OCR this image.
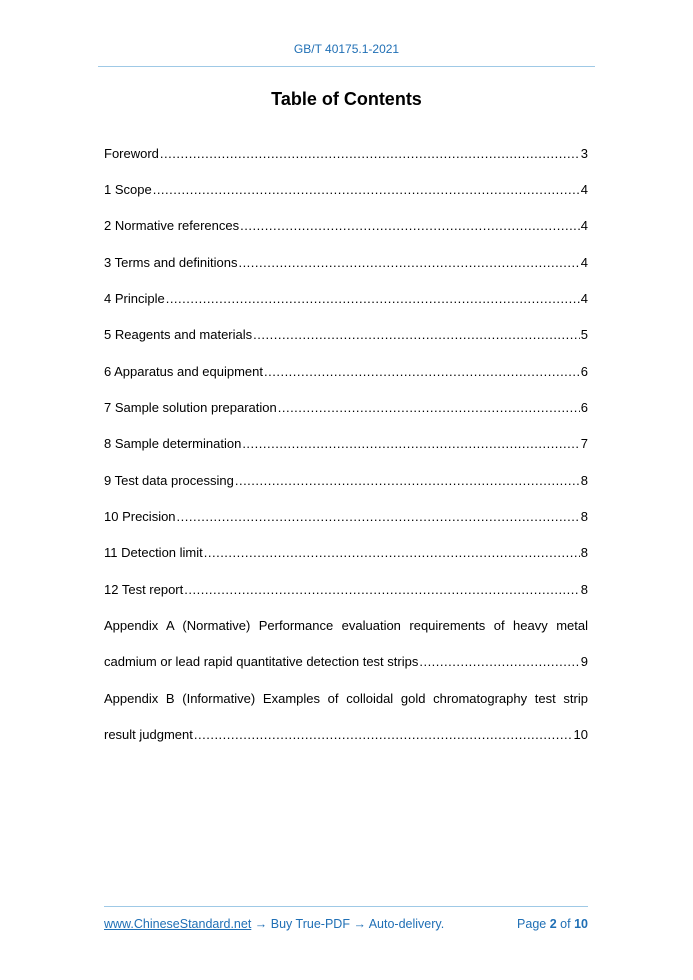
GB/T 40175.1-2021
Table of Contents
Foreword .....	3
1 Scope .....	4
2 Normative references .....	4
3 Terms and definitions .....	4
4 Principle .....	4
5 Reagents and materials .....	5
6 Apparatus and equipment .....	6
7 Sample solution preparation .....	6
8 Sample determination .....	7
9 Test data processing .....	8
10 Precision .....	8
11 Detection limit .....	8
12 Test report .....	8
Appendix A (Normative) Performance evaluation requirements of heavy metal
cadmium or lead rapid quantitative detection test strips .....	9
Appendix B (Informative) Examples of colloidal gold chromatography test strip
result judgment .....	10
www.ChineseStandard.net → Buy True-PDF → Auto-delivery.	Page 2 of 10
